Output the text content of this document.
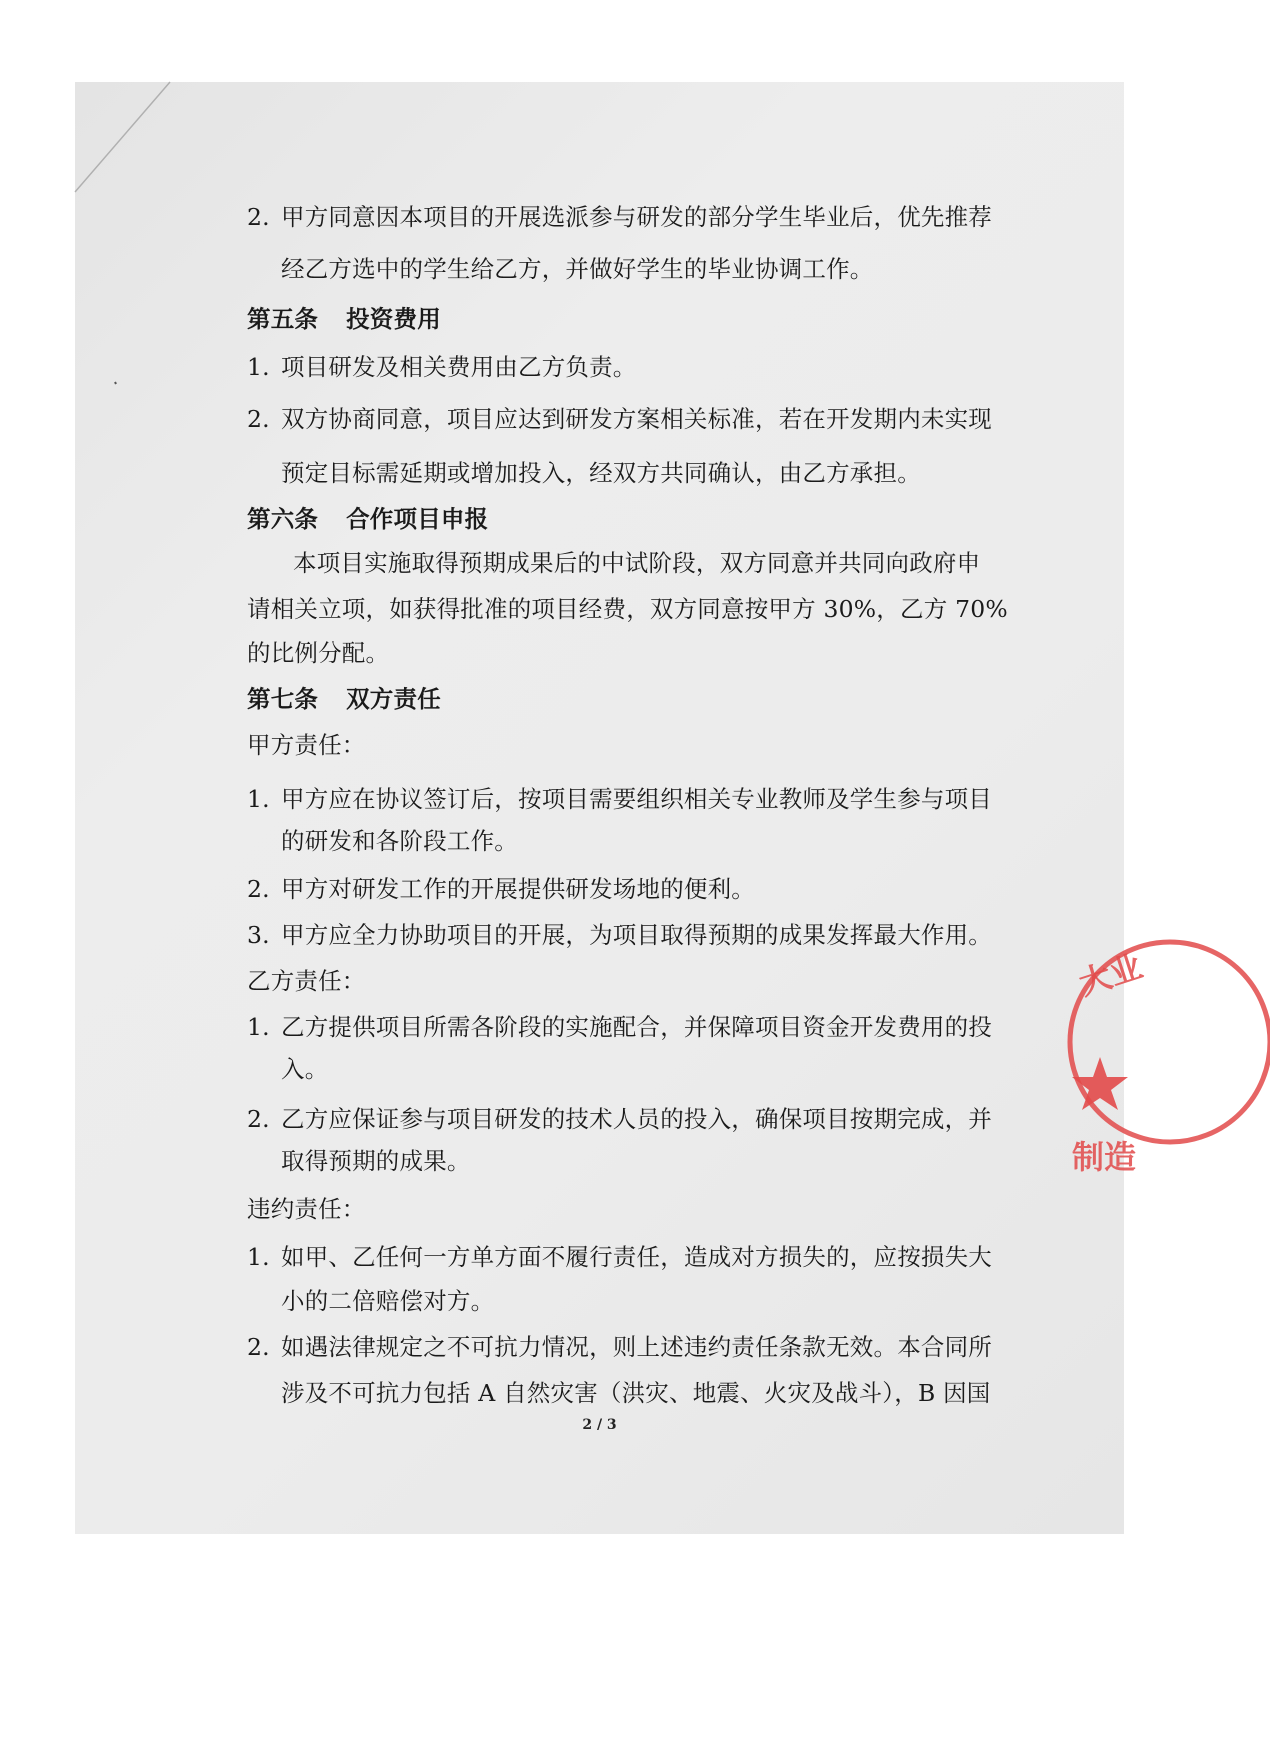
2. 甲方同意因本项目的开展选派参与研发的部分学生毕业后，优先推荐
经乙方选中的学生给乙方，并做好学生的毕业协调工作。
第五条 投资费用
1. 项目研发及相关费用由乙方负责。
2. 双方协商同意，项目应达到研发方案相关标准，若在开发期内未实现
预定目标需延期或增加投入，经双方共同确认，由乙方承担。
第六条 合作项目申报
本项目实施取得预期成果后的中试阶段，双方同意并共同向政府申
请相关立项，如获得批准的项目经费，双方同意按甲方 30%，乙方 70%
的比例分配。
第七条 双方责任
甲方责任：
1. 甲方应在协议签订后，按项目需要组织相关专业教师及学生参与项目
的研发和各阶段工作。
2. 甲方对研发工作的开展提供研发场地的便利。
3. 甲方应全力协助项目的开展，为项目取得预期的成果发挥最大作用。
乙方责任：
1. 乙方提供项目所需各阶段的实施配合，并保障项目资金开发费用的投
入。
2. 乙方应保证参与项目研发的技术人员的投入，确保项目按期完成，并
取得预期的成果。
违约责任：
1. 如甲、乙任何一方单方面不履行责任，造成对方损失的，应按损失大
小的二倍赔偿对方。
2. 如遇法律规定之不可抗力情况，则上述违约责任条款无效。本合同所
涉及不可抗力包括 A 自然灾害（洪灾、地震、火灾及战斗），B 因国
2 / 3
大业
制造
